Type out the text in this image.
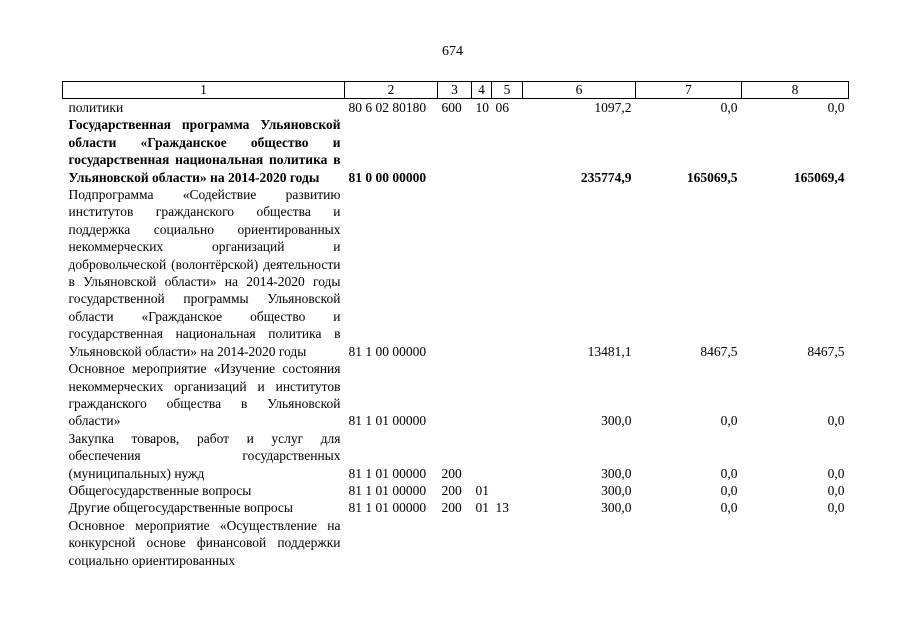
674
1	2	3	4	5	6	7	8
политики	80 6 02 80180	600	10	06	1097,2	0,0	0,0
Государственная программа Ульяновской области «Гражданское общество и государственная национальная политика в Ульяновской области» на 2014-2020 годы	81 0 00 00000				235774,9	165069,5	165069,4
Подпрограмма «Содействие развитию институтов гражданского общества и поддержка социально ориентированных некоммерческих организаций и добровольческой (волонтёрской) деятельности в Ульяновской области» на 2014-2020 годы государственной программы Ульяновской области «Гражданское общество и государственная национальная политика в Ульяновской области» на 2014-2020 годы	81 1 00 00000				13481,1	8467,5	8467,5
Основное мероприятие «Изучение состояния некоммерческих организаций и институтов гражданского общества в Ульяновской области»	81 1 01 00000				300,0	0,0	0,0
Закупка товаров, работ и услуг для обеспечения государственных (муниципальных) нужд	81 1 01 00000	200			300,0	0,0	0,0
Общегосударственные вопросы	81 1 01 00000	200	01		300,0	0,0	0,0
Другие общегосударственные вопросы	81 1 01 00000	200	01	13	300,0	0,0	0,0
Основное мероприятие «Осуществление на конкурсной основе финансовой поддержки социально ориентированных							
